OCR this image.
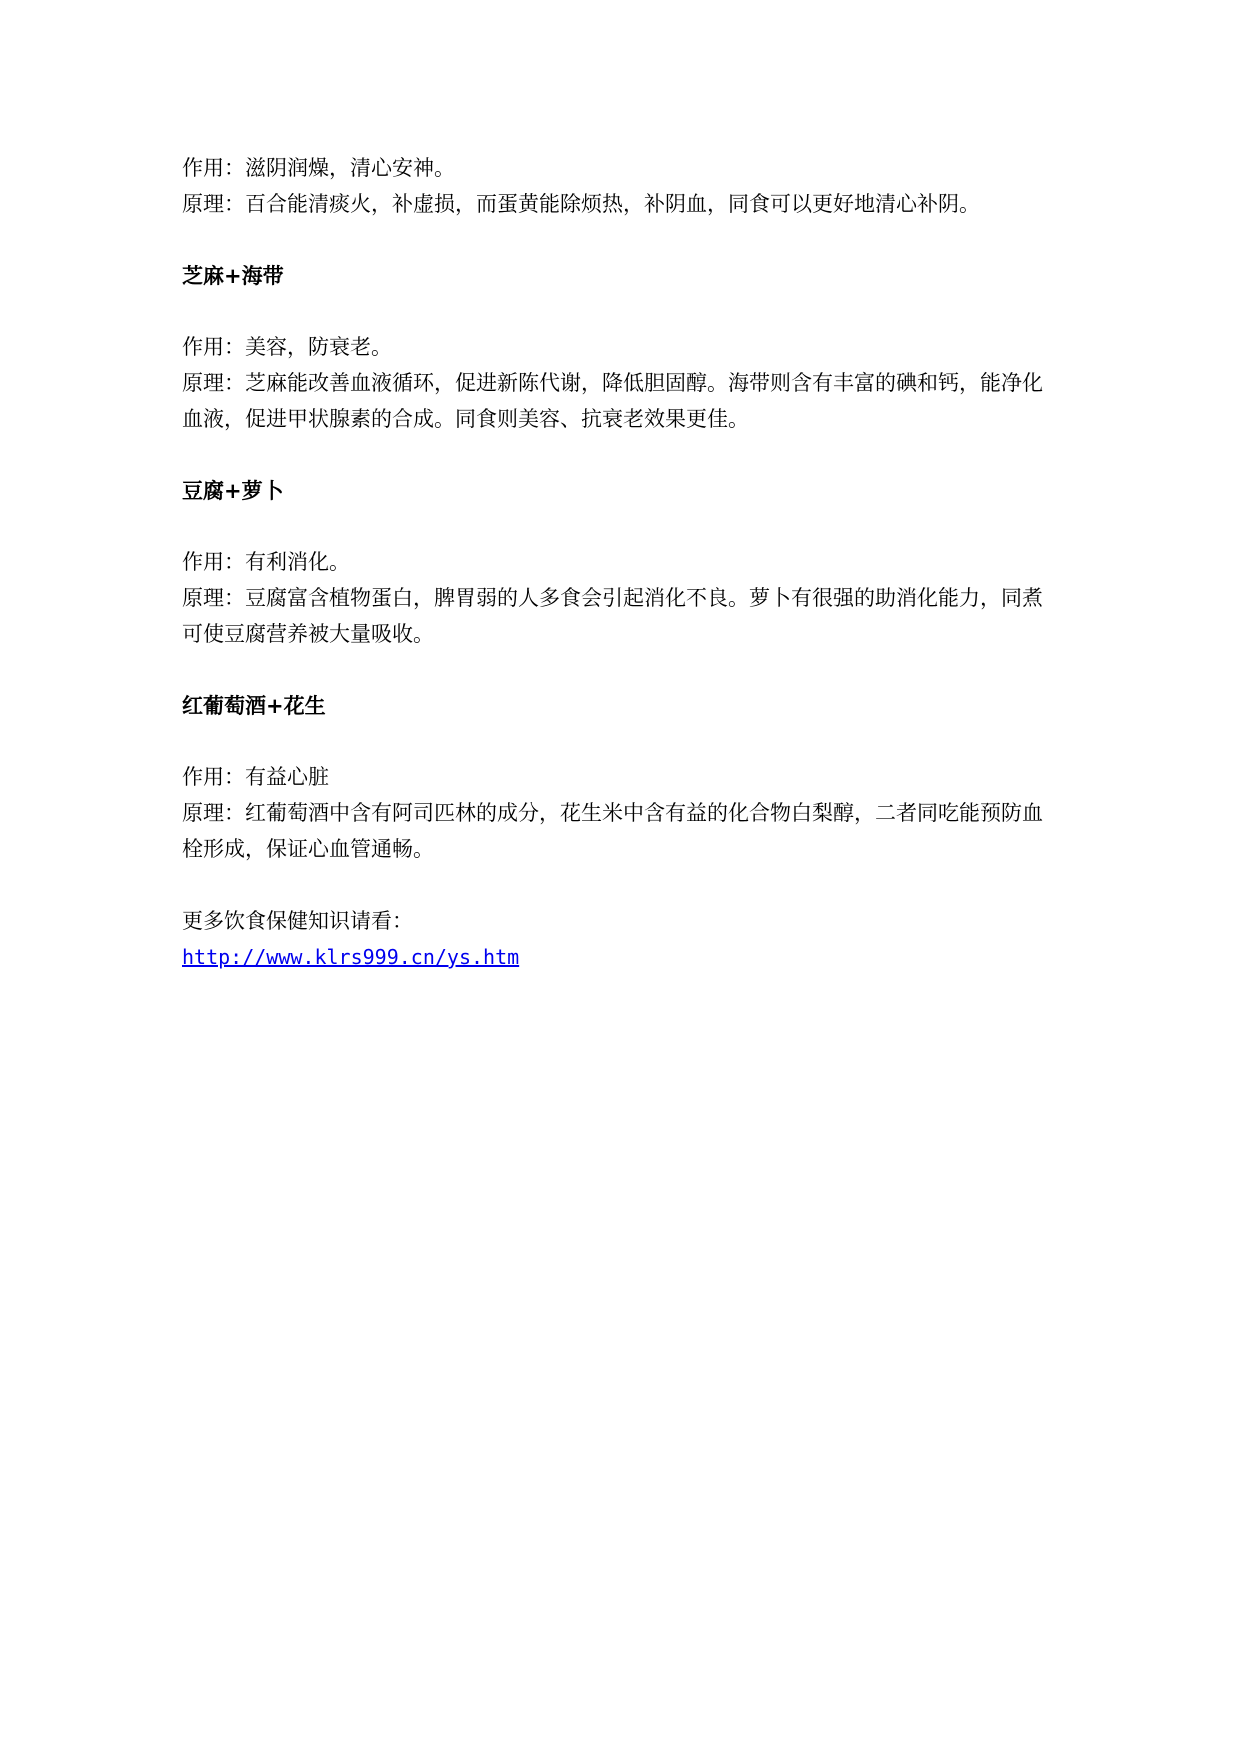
作用：滋阴润燥，清心安神。
原理：百合能清痰火，补虚损，而蛋黄能除烦热，补阴血，同食可以更好地清心补阴。
芝麻+海带
作用：美容，防衰老。
原理：芝麻能改善血液循环，促进新陈代谢，降低胆固醇。海带则含有丰富的碘和钙，能净化血液，促进甲状腺素的合成。同食则美容、抗衰老效果更佳。
豆腐+萝卜
作用：有利消化。
原理：豆腐富含植物蛋白，脾胃弱的人多食会引起消化不良。萝卜有很强的助消化能力，同煮可使豆腐营养被大量吸收。
红葡萄酒+花生
作用：有益心脏
原理：红葡萄酒中含有阿司匹林的成分，花生米中含有益的化合物白梨醇，二者同吃能预防血栓形成，保证心血管通畅。
更多饮食保健知识请看：
http://www.klrs999.cn/ys.htm
